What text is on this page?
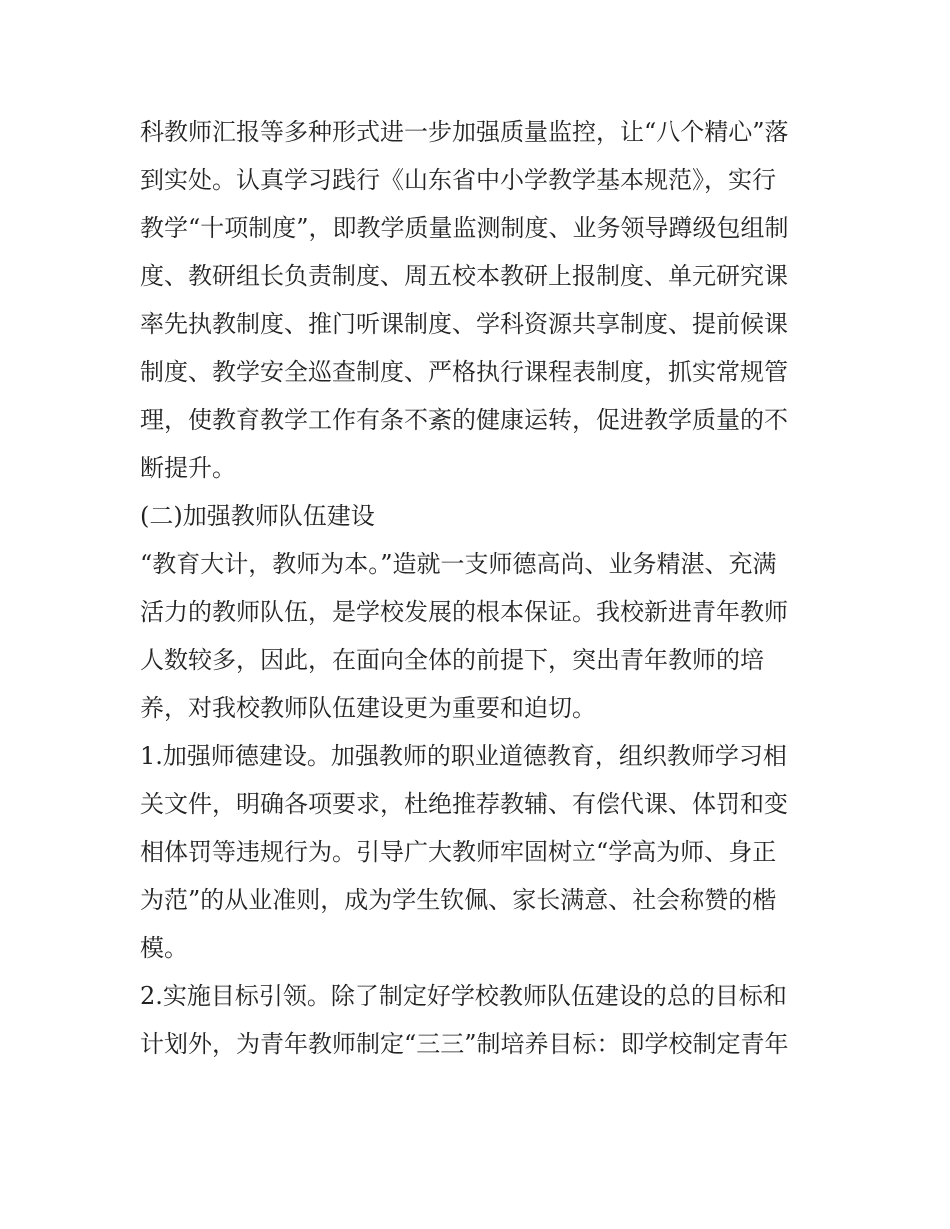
科教师汇报等多种形式进一步加强质量监控，让“八个精心”落
到实处。认真学习践行《山东省中小学教学基本规范》，实行
教学“十项制度”，即教学质量监测制度、业务领导蹲级包组制
度、教研组长负责制度、周五校本教研上报制度、单元研究课
率先执教制度、推门听课制度、学科资源共享制度、提前候课
制度、教学安全巡查制度、严格执行课程表制度，抓实常规管
理，使教育教学工作有条不紊的健康运转，促进教学质量的不
断提升。
(二)加强教师队伍建设
“教育大计，教师为本。”造就一支师德高尚、业务精湛、充满
活力的教师队伍，是学校发展的根本保证。我校新进青年教师
人数较多，因此，在面向全体的前提下，突出青年教师的培
养，对我校教师队伍建设更为重要和迫切。
1.加强师德建设。加强教师的职业道德教育，组织教师学习相
关文件，明确各项要求，杜绝推荐教辅、有偿代课、体罚和变
相体罚等违规行为。引导广大教师牢固树立“学高为师、身正
为范”的从业准则，成为学生钦佩、家长满意、社会称赞的楷
模。
2.实施目标引领。除了制定好学校教师队伍建设的总的目标和
计划外，为青年教师制定“三三”制培养目标：即学校制定青年
